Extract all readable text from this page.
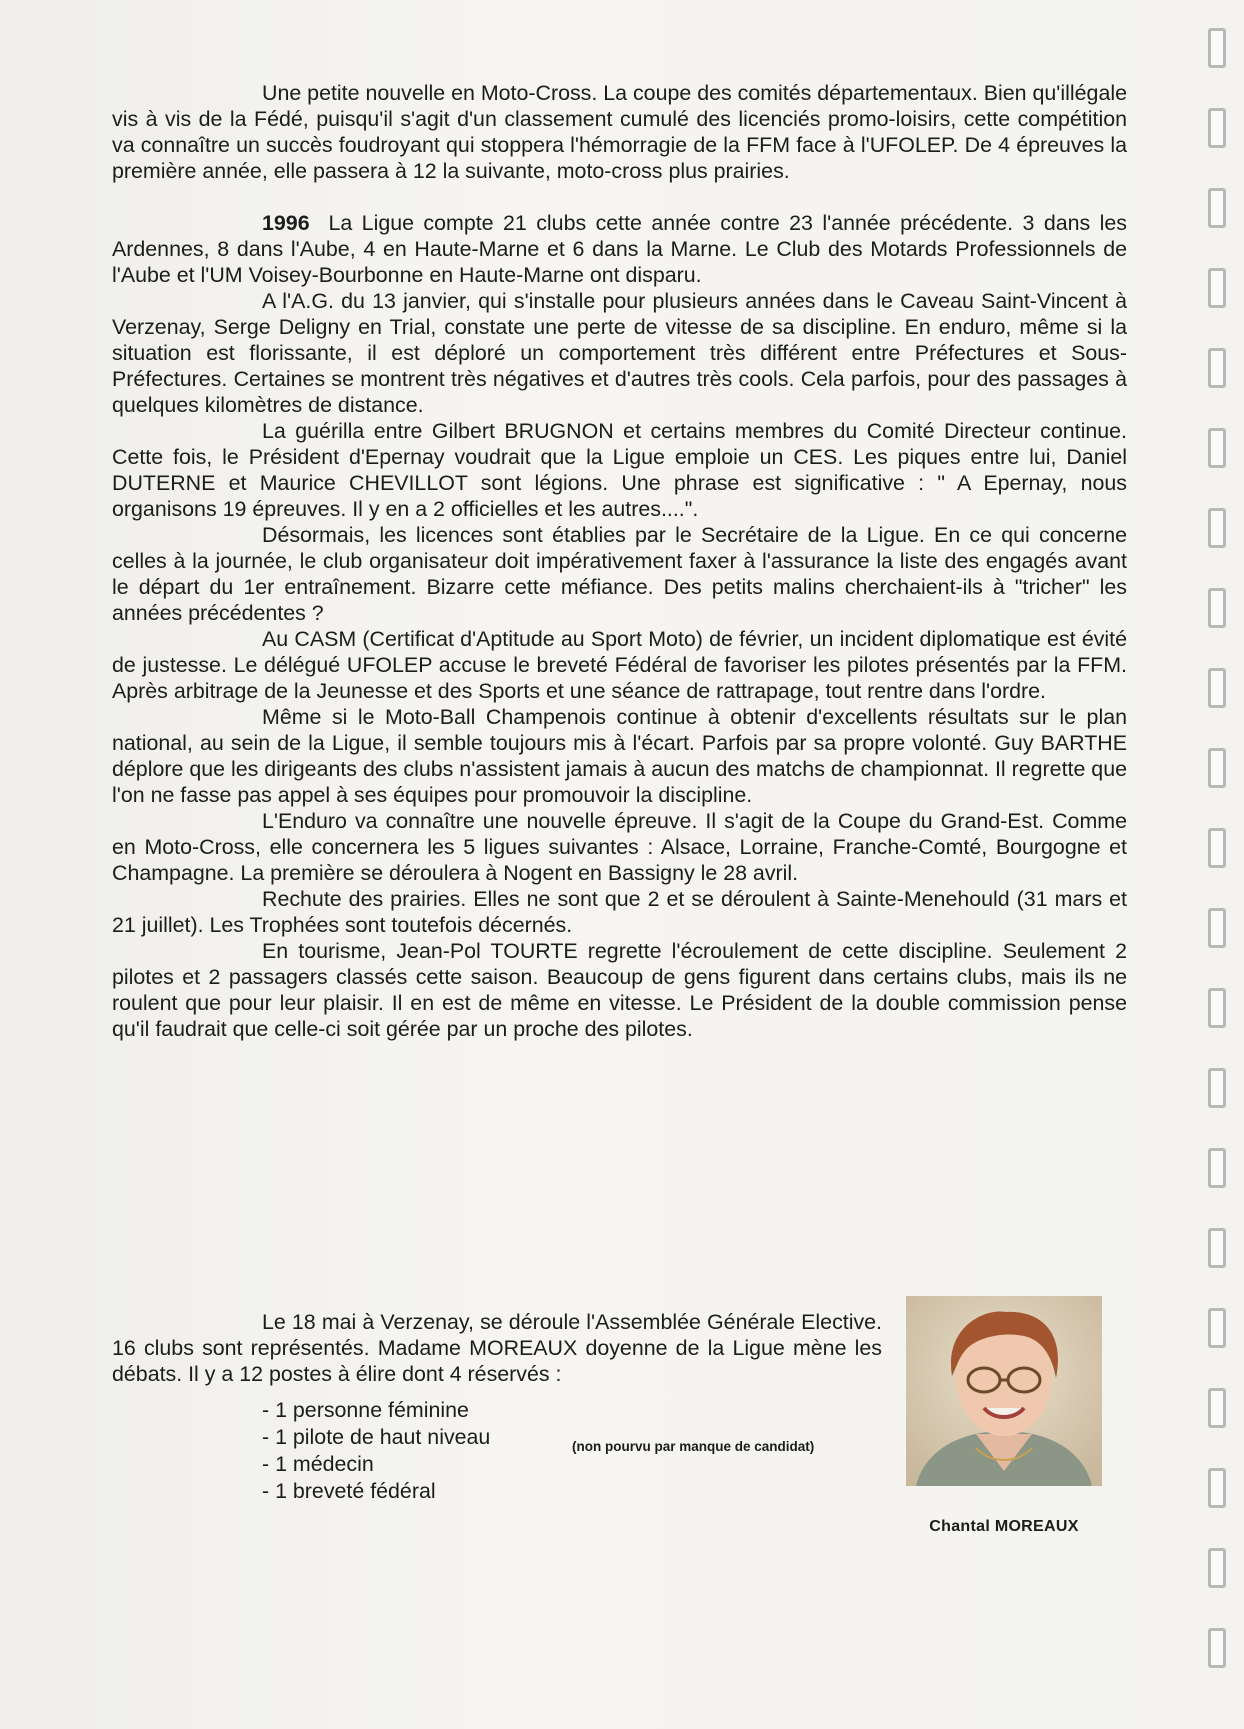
Une petite nouvelle en Moto-Cross. La coupe des comités départementaux. Bien qu'illégale vis à vis de la Fédé, puisqu'il s'agit d'un classement cumulé des licenciés promo-loisirs, cette compétition va connaître un succès foudroyant qui stoppera l'hémorragie de la FFM face à l'UFOLEP. De 4 épreuves la première année, elle passera à 12 la suivante, moto-cross plus prairies.

1996 La Ligue compte 21 clubs cette année contre 23 l'année précédente. 3 dans les Ardennes, 8 dans l'Aube, 4 en Haute-Marne et 6 dans la Marne. Le Club des Motards Professionnels de l'Aube et l'UM Voisey-Bourbonne en Haute-Marne ont disparu.

A l'A.G. du 13 janvier, qui s'installe pour plusieurs années dans le Caveau Saint-Vincent à Verzenay, Serge Deligny en Trial, constate une perte de vitesse de sa discipline. En enduro, même si la situation est florissante, il est déploré un comportement très différent entre Préfectures et Sous-Préfectures. Certaines se montrent très négatives et d'autres très cools. Cela parfois, pour des passages à quelques kilomètres de distance.

La guérilla entre Gilbert BRUGNON et certains membres du Comité Directeur continue. Cette fois, le Président d'Epernay voudrait que la Ligue emploie un CES. Les piques entre lui, Daniel DUTERNE et Maurice CHEVILLOT sont légions. Une phrase est significative : " A Epernay, nous organisons 19 épreuves. Il y en a 2 officielles et les autres....".

Désormais, les licences sont établies par le Secrétaire de la Ligue. En ce qui concerne celles à la journée, le club organisateur doit impérativement faxer à l'assurance la liste des engagés avant le départ du 1er entraînement. Bizarre cette méfiance. Des petits malins cherchaient-ils à "tricher" les années précédentes ?

Au CASM (Certificat d'Aptitude au Sport Moto) de février, un incident diplomatique est évité de justesse. Le délégué UFOLEP accuse le breveté Fédéral de favoriser les pilotes présentés par la FFM. Après arbitrage de la Jeunesse et des Sports et une séance de rattrapage, tout rentre dans l'ordre.

Même si le Moto-Ball Champenois continue à obtenir d'excellents résultats sur le plan national, au sein de la Ligue, il semble toujours mis à l'écart. Parfois par sa propre volonté. Guy BARTHE déplore que les dirigeants des clubs n'assistent jamais à aucun des matchs de championnat. Il regrette que l'on ne fasse pas appel à ses équipes pour promouvoir la discipline.

L'Enduro va connaître une nouvelle épreuve. Il s'agit de la Coupe du Grand-Est. Comme en Moto-Cross, elle concernera les 5 ligues suivantes : Alsace, Lorraine, Franche-Comté, Bourgogne et Champagne. La première se déroulera à Nogent en Bassigny le 28 avril.

Rechute des prairies. Elles ne sont que 2 et se déroulent à Sainte-Menehould (31 mars et 21 juillet). Les Trophées sont toutefois décernés.

En tourisme, Jean-Pol TOURTE regrette l'écroulement de cette discipline. Seulement 2 pilotes et 2 passagers classés cette saison. Beaucoup de gens figurent dans certains clubs, mais ils ne roulent que pour leur plaisir. Il en est de même en vitesse. Le Président de la double commission pense qu'il faudrait que celle-ci soit gérée par un proche des pilotes.

Le 18 mai à Verzenay, se déroule l'Assemblée Générale Elective. 16 clubs sont représentés. Madame MOREAUX doyenne de la Ligue mène les débats. Il y a 12 postes à élire dont 4 réservés :

- 1 personne féminine
- 1 pilote de haut niveau
- 1 médecin
- 1 breveté fédéral
(non pourvu par manque de candidat)
Chantal MOREAUX
